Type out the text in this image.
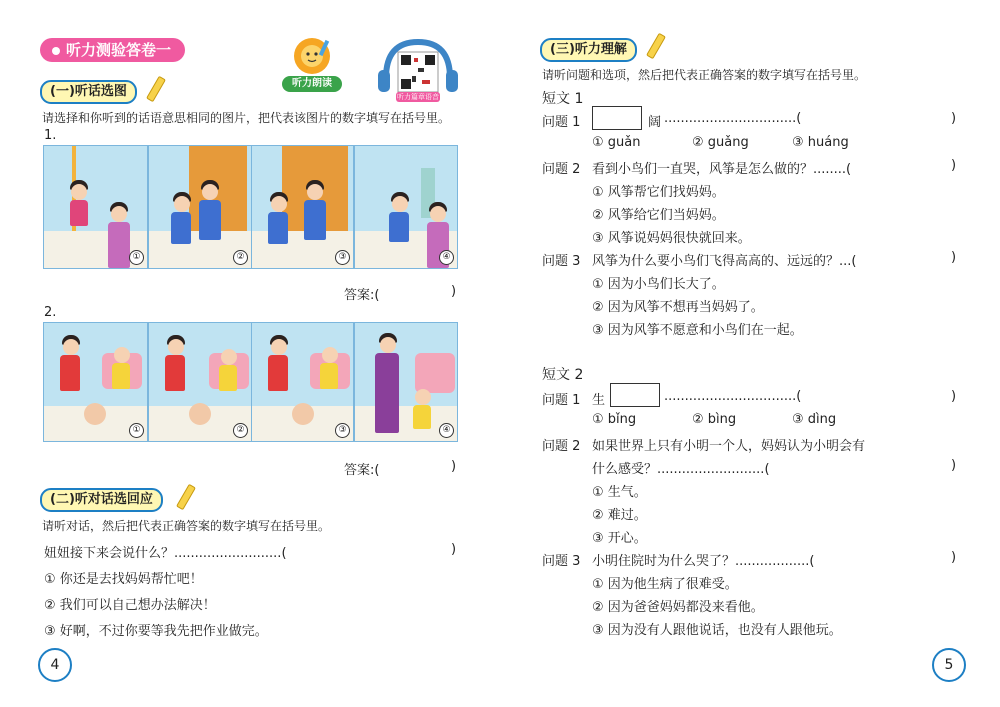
听力测验答卷一
听力朗读
听力篇章语音
(一)听话选图
请选择和你听到的话语意思相同的图片，把代表该图片的数字填写在括号里。
1.
①	②	③	④
答案:(	)
2.
①	②	③	④
答案:(	)
(二)听对话选回应
请听对话，然后把代表正确答案的数字填写在括号里。
妞妞接下来会说什么？..........................(	)
① 你还是去找妈妈帮忙吧！
② 我们可以自己想办法解决！
③ 好啊，不过你要等我先把作业做完。
4
(三)听力理解
请听问题和选项，然后把代表正确答案的数字填写在括号里。
短文 1
问题 1	阔 ................................(	)
① guǎn	② guǎng	③ huáng
问题 2 看到小鸟们一直哭，风筝是怎么做的？........(	)
① 风筝帮它们找妈妈。
② 风筝给它们当妈妈。
③ 风筝说妈妈很快就回来。
问题 3 风筝为什么要小鸟们飞得高高的、远远的？...(	)
① 因为小鸟们长大了。
② 因为风筝不想再当妈妈了。
③ 因为风筝不愿意和小鸟们在一起。
短文 2
问题 1 生	................................(	)
① bǐng	② bìng	③ dìng
问题 2 如果世界上只有小明一个人，妈妈认为小明会有
什么感受？..........................(	)
① 生气。
② 难过。
③ 开心。
问题 3 小明住院时为什么哭了？..................(	)
① 因为他生病了很难受。
② 因为爸爸妈妈都没来看他。
③ 因为没有人跟他说话，也没有人跟他玩。
5
